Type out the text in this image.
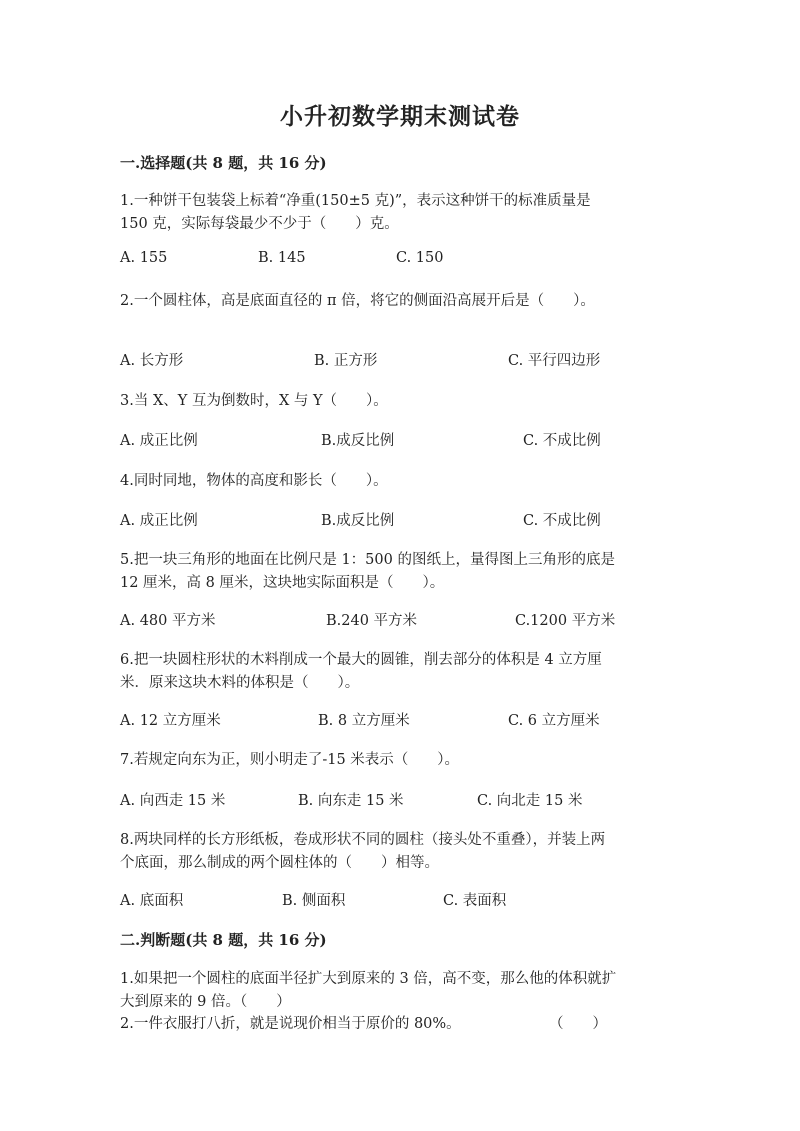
小升初数学期末测试卷
一.选择题(共 8 题，共 16 分)
1.一种饼干包装袋上标着“净重(150±5 克)”，表示这种饼干的标准质量是
150 克，实际每袋最少不少于（　　）克。
A. 155	B. 145	C. 150
2.一个圆柱体，高是底面直径的 π 倍，将它的侧面沿高展开后是（　　）。
A. 长方形	B. 正方形	C. 平行四边形
3.当 X、Y 互为倒数时，X 与 Y（　　）。
A. 成正比例	B.成反比例	C. 不成比例
4.同时同地，物体的高度和影长（　　）。
A. 成正比例	B.成反比例	C. 不成比例
5.把一块三角形的地面在比例尺是 1：500 的图纸上，量得图上三角形的底是
12 厘米，高 8 厘米，这块地实际面积是（　　）。
A. 480 平方米	B.240 平方米	C.1200 平方米
6.把一块圆柱形状的木料削成一个最大的圆锥，削去部分的体积是 4 立方厘
米．原来这块木料的体积是（　　）。
A. 12 立方厘米	B. 8 立方厘米	C. 6 立方厘米
7.若规定向东为正，则小明走了-15 米表示（　　）。
A. 向西走 15 米	B. 向东走 15 米	C. 向北走 15 米
8.两块同样的长方形纸板，卷成形状不同的圆柱（接头处不重叠），并装上两
个底面，那么制成的两个圆柱体的（　　）相等。
A. 底面积	B. 侧面积	C. 表面积
二.判断题(共 8 题，共 16 分)
1.如果把一个圆柱的底面半径扩大到原来的 3 倍，高不变，那么他的体积就扩
大到原来的 9 倍。（　　）
2.一件衣服打八折，就是说现价相当于原价的 80%。	（　　）
